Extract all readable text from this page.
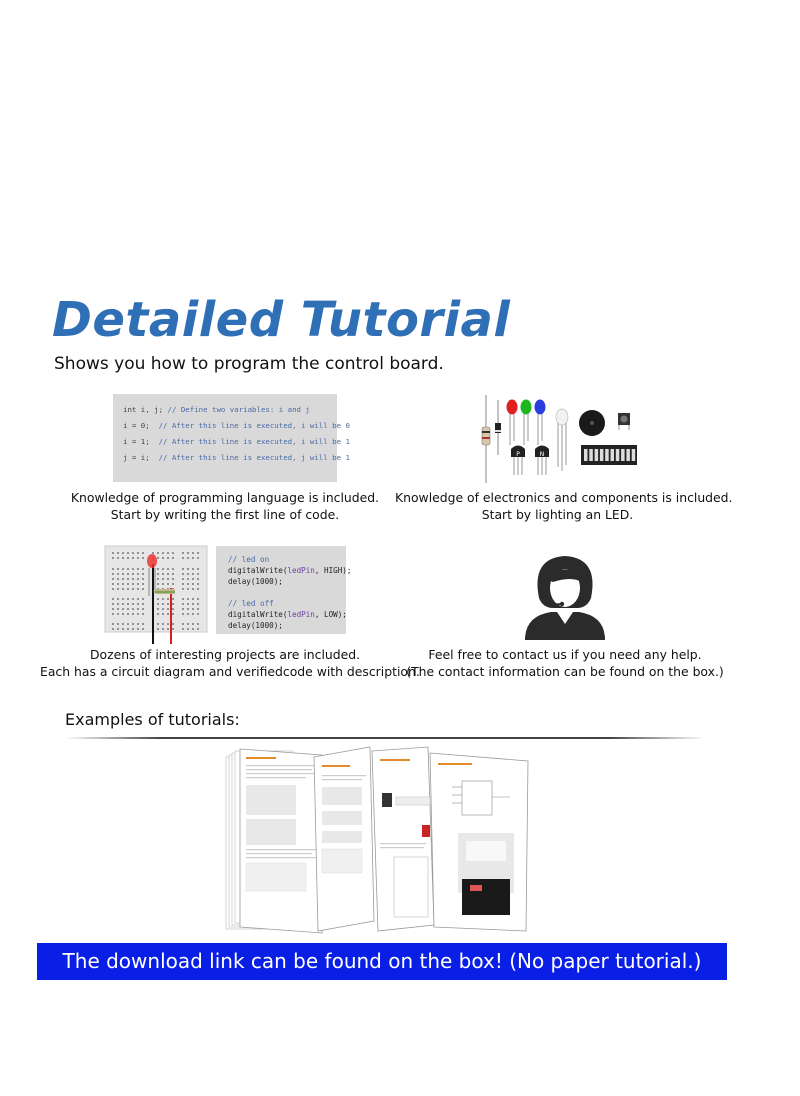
Detailed Tutorial
Shows you how to program the control board.
int i, j; // Define two variables: i and j
i = 0; // After this line is executed, i will be 0
i = 1; // After this line is executed, i will be 1
j = i; // After this line is executed, j will be 1	P	N
Knowledge of programming language is included.
Start by writing the first line of code.
Knowledge of electronics and components is included.
Start by lighting an LED.
// led on
digitalWrite(ledPin, HIGH);
delay(1000);

// led off
digitalWrite(ledPin, LOW);
delay(1000);
Dozens of interesting projects are included.
Each has a circuit diagram and verifiedcode with description.
Feel free to contact us if you need any help.
(The contact information can be found on the box.)
Examples of tutorials:
The download link can be found on the box! (No paper tutorial.)
